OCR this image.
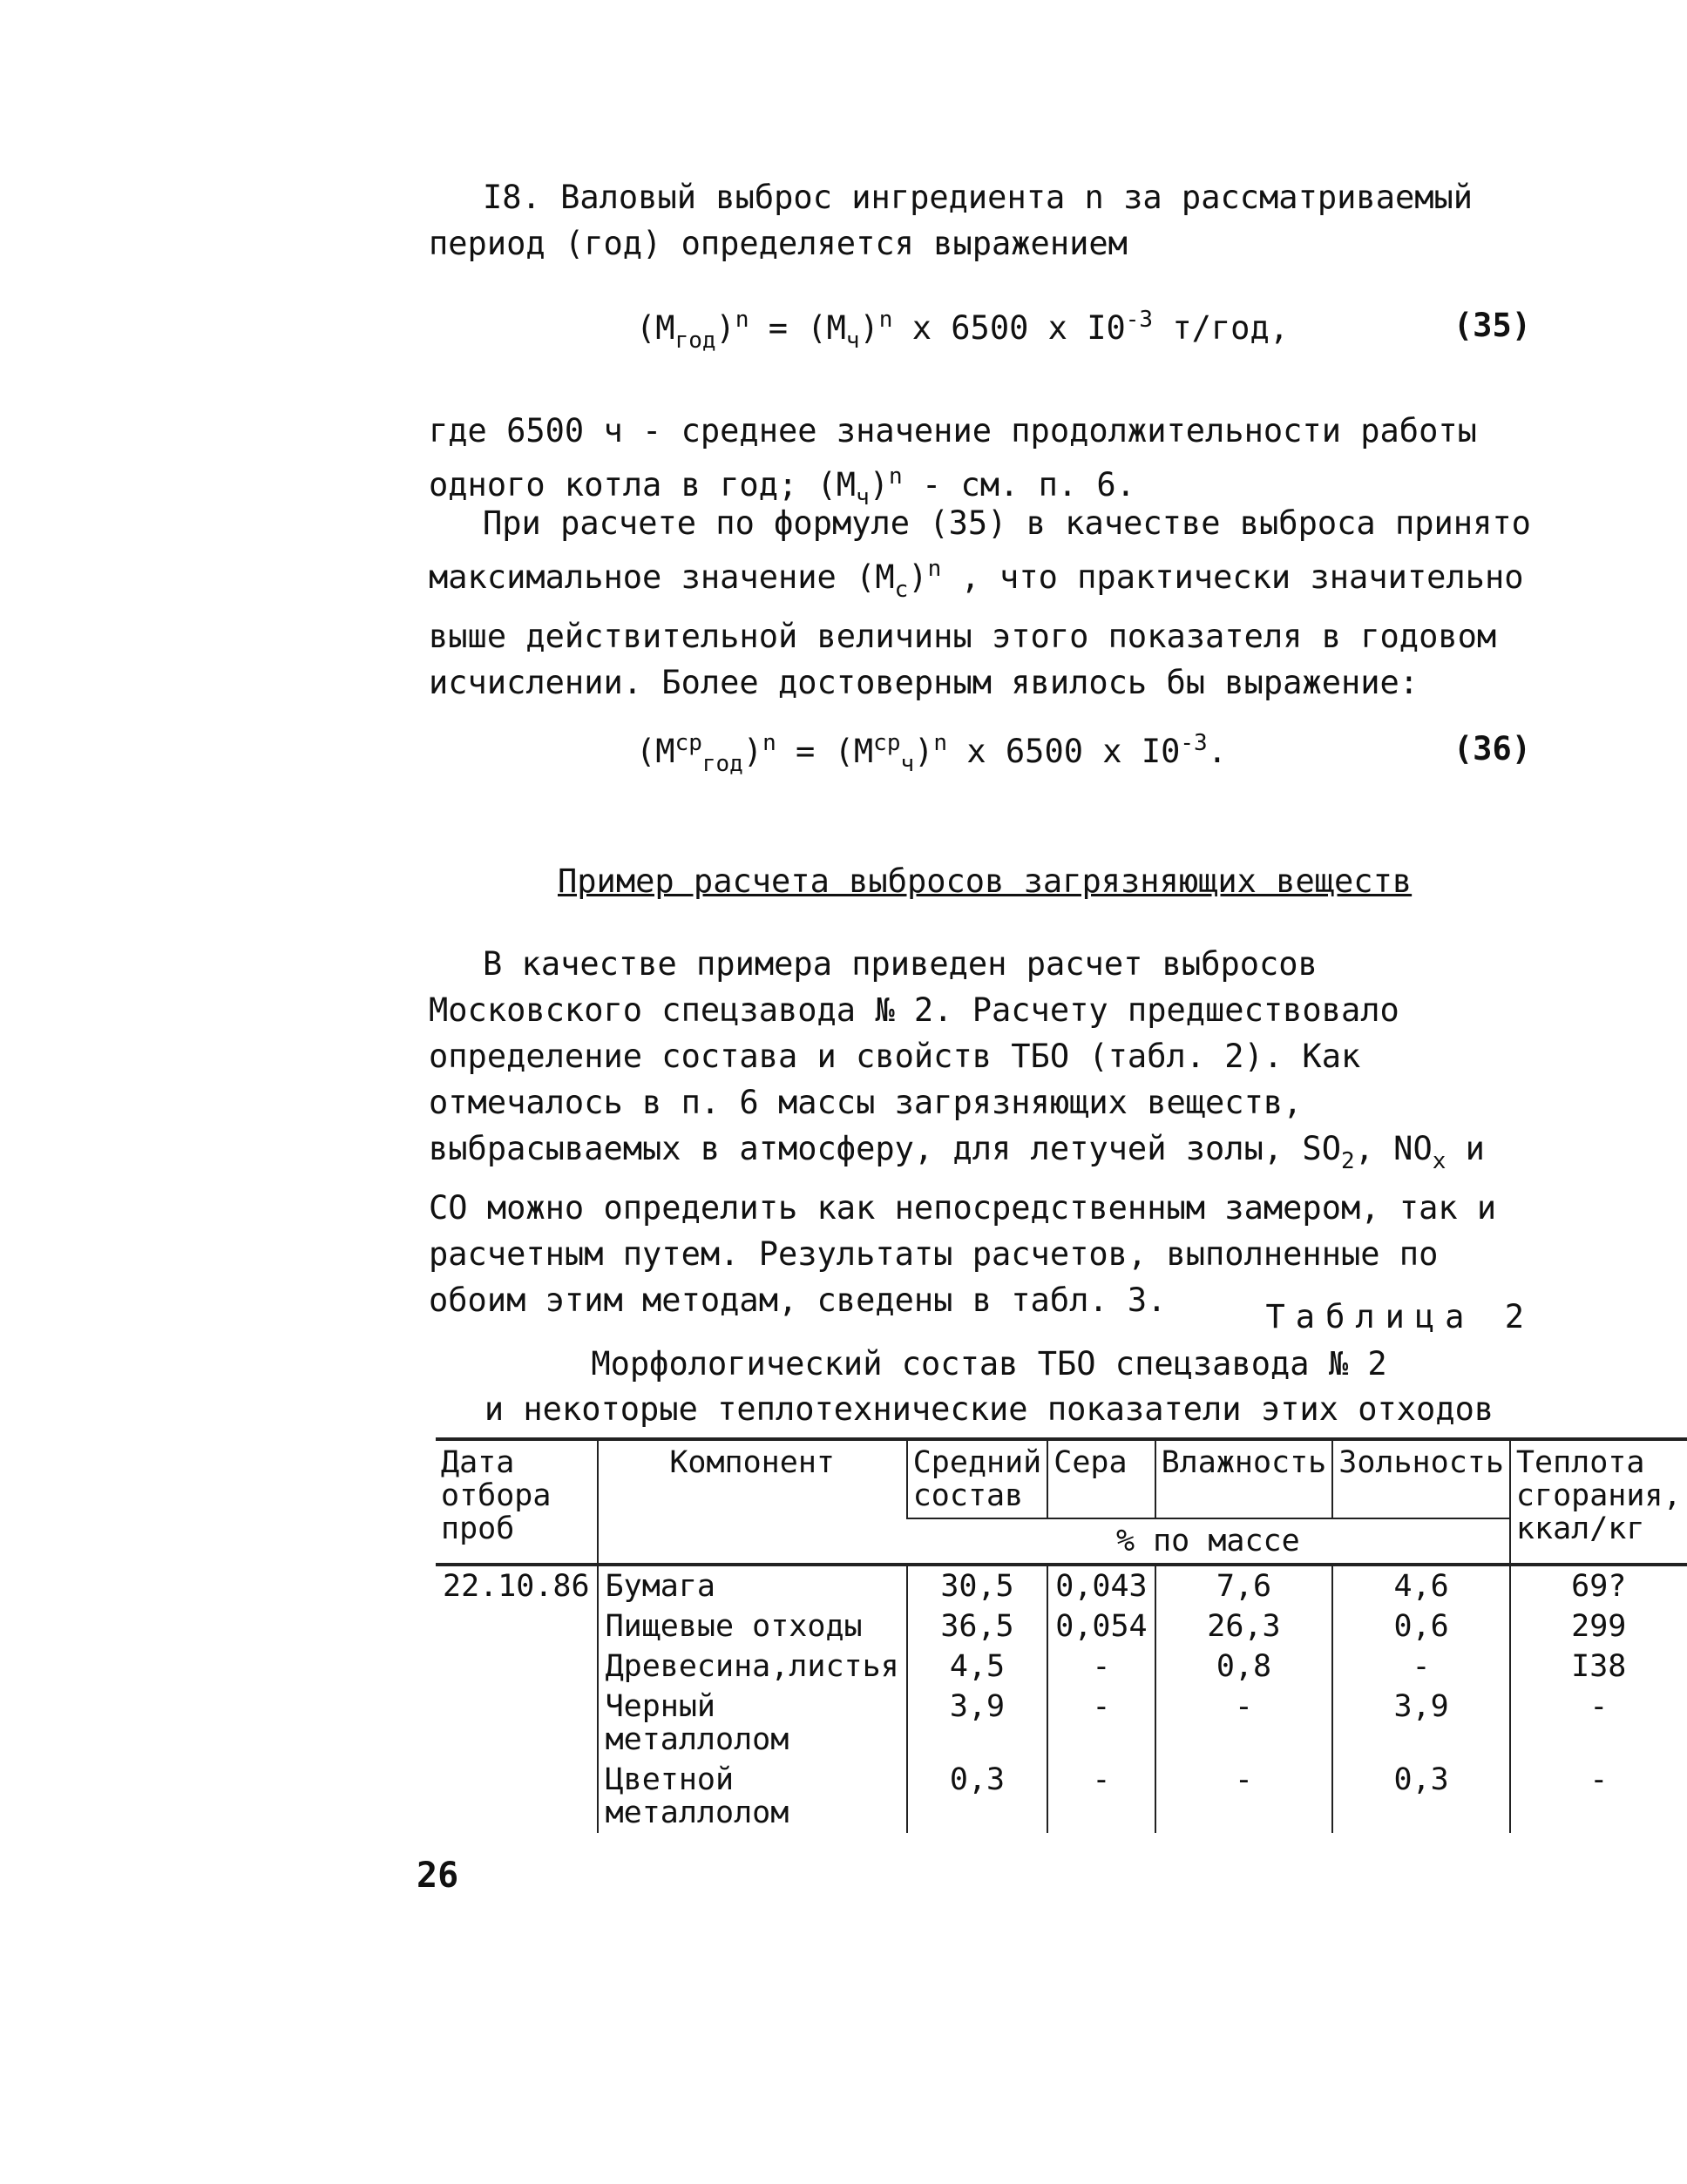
I8. Валовый выброс ингредиента n за рассматриваемый период (год) определяется выражением
$(M_{год})^n = (M_ч)^n$ x 6500 x $I0^{-3}$ т/год,	(35)
где 6500 ч - среднее значение продолжительности работы одного котла в год; $(M_ч)^n$ - см. п. 6.
При расчете по формуле (35) в качестве выброса принято максимальное значение $(M_c)^n$ , что практически значительно выше действительной величины этого показателя в годовом исчислении. Более достоверным явилось бы выражение:
$(M^{ср}_{год})^n = (M^{ср}_ч)^n$ x 6500 x $I0^{-3}$.	(36)
Пример расчета выбросов загрязняющих веществ
В качестве примера приведен расчет выбросов Московского спецзавода № 2. Расчету предшествовало определение состава и свойств ТБО (табл. 2). Как отмечалось в п. 6 массы загрязняющих веществ, выбрасываемых в атмосферу, для летучей золы, $SO_2$, $NO_x$ и CO можно определить как непосредственным замером, так и расчетным путем. Результаты расчетов, выполненные по обоим этим методам, сведены в табл. 3.	Таблица 2
Морфологический состав ТБО спецзавода № 2
и некоторые теплотехнические показатели этих отходов
Дата отбора проб	Компонент	Средний состав	Сера	Влажность	Зольность	Теплота сгорания, ккал/кг
		% по массе				
22.10.86	Бумага	30,5	0,043	7,6	4,6	69?
	Пищевые отходы	36,5	0,054	26,3	0,6	299
	Древесина,листья	4,5	-	0,8	-	I38
	Черный металлолом	3,9	-	-	3,9	-
	Цветной металлолом	0,3	-	-	0,3	-
26
